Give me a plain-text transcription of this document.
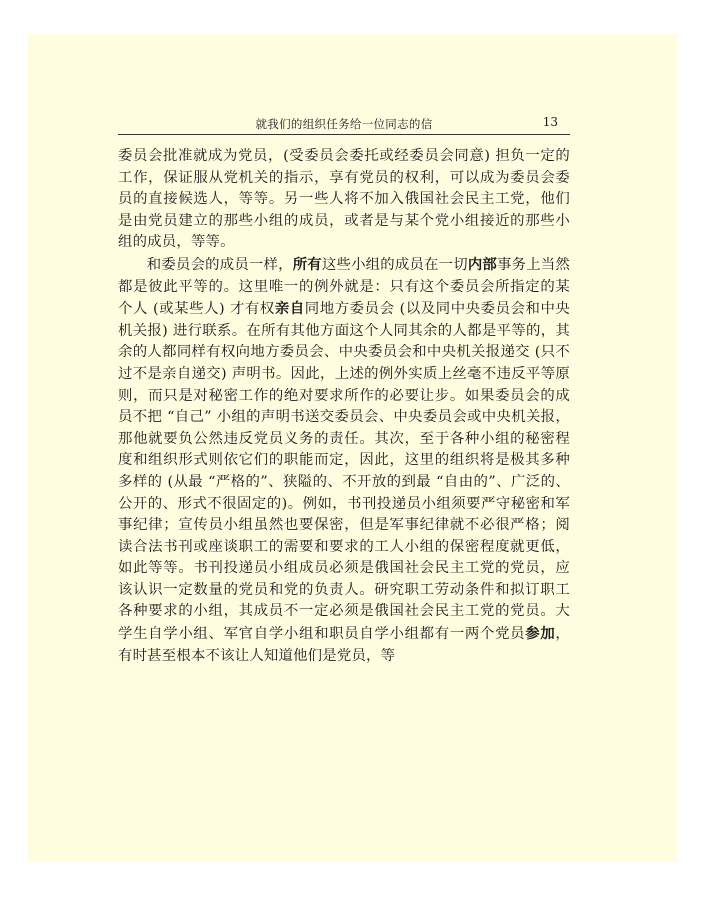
就我们的组织任务给一位同志的信	13

委员会批准就成为党员，(受委员会委托或经委员会同意) 担负一定的工作，保证服从党机关的指示，享有党员的权利，可以成为委员会委员的直接候选人，等等。另一些人将不加入俄国社会民主工党，他们是由党员建立的那些小组的成员，或者是与某个党小组接近的那些小组的成员，等等。

和委员会的成员一样，所有这些小组的成员在一切内部事务上当然都是彼此平等的。这里唯一的例外就是：只有这个委员会所指定的某个人 (或某些人) 才有权亲自同地方委员会 (以及同中央委员会和中央机关报) 进行联系。在所有其他方面这个人同其余的人都是平等的，其余的人都同样有权向地方委员会、中央委员会和中央机关报递交 (只不过不是亲自递交) 声明书。因此，上述的例外实质上丝毫不违反平等原则，而只是对秘密工作的绝对要求所作的必要让步。如果委员会的成员不把 “自己” 小组的声明书送交委员会、中央委员会或中央机关报，那他就要负公然违反党员义务的责任。其次，至于各种小组的秘密程度和组织形式则依它们的职能而定，因此，这里的组织将是极其多种多样的 (从最 “严格的”、狭隘的、不开放的到最 “自由的”、广泛的、公开的、形式不很固定的)。例如，书刊投递员小组须要严守秘密和军事纪律；宣传员小组虽然也要保密，但是军事纪律就不必很严格；阅读合法书刊或座谈职工的需要和要求的工人小组的保密程度就更低，如此等等。书刊投递员小组成员必须是俄国社会民主工党的党员，应该认识一定数量的党员和党的负责人。研究职工劳动条件和拟订职工各种要求的小组，其成员不一定必须是俄国社会民主工党的党员。大学生自学小组、军官自学小组和职员自学小组都有一两个党员参加，有时甚至根本不该让人知道他们是党员，等
